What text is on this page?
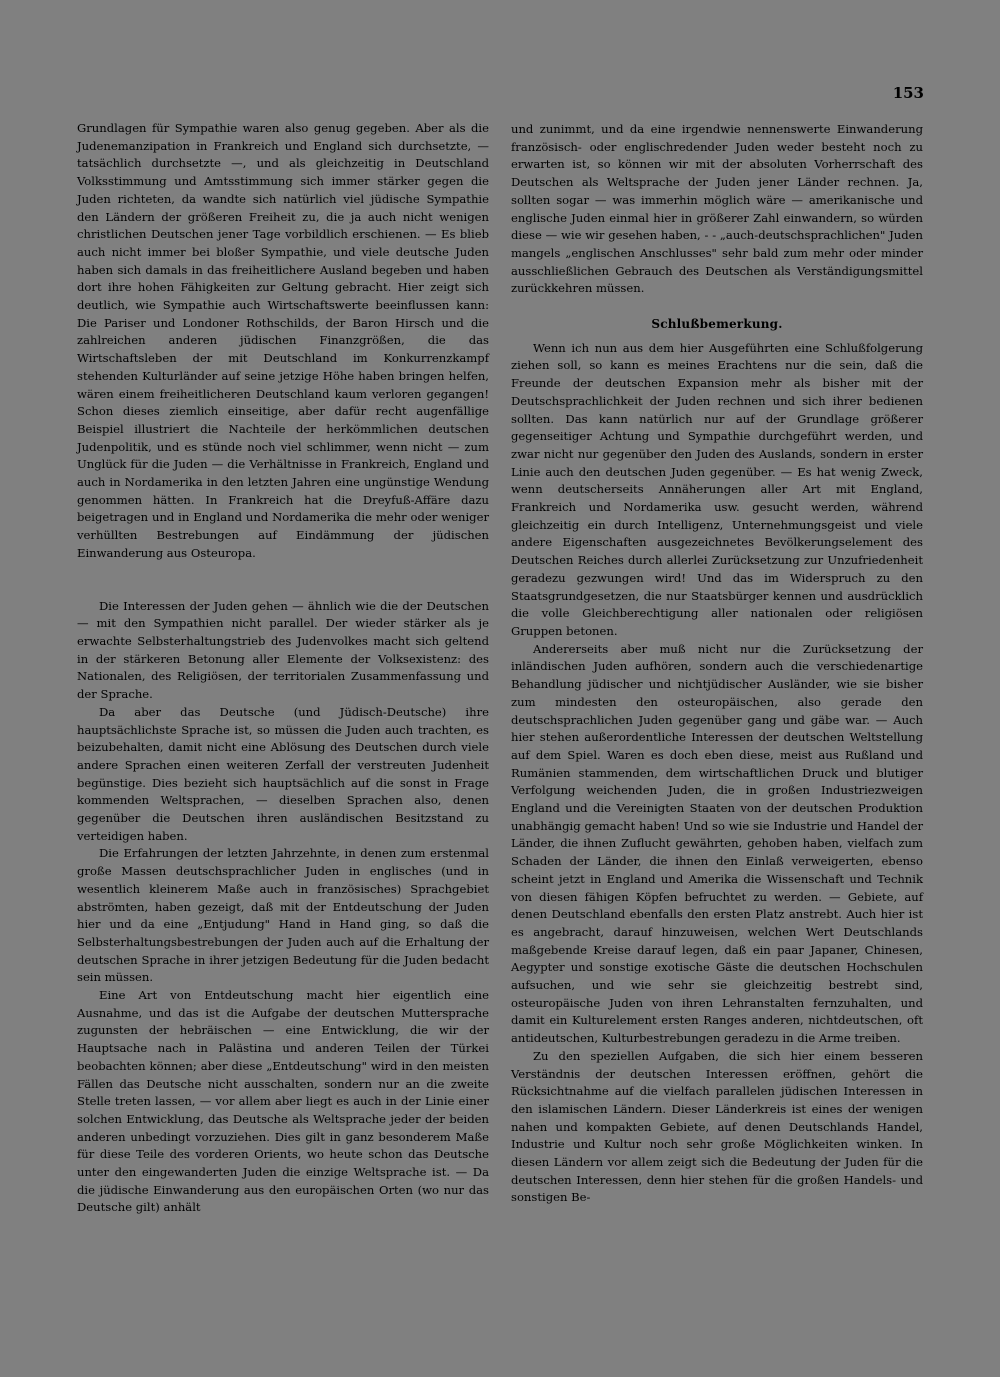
153

Grundlagen für Sympathie waren also genug gegeben. Aber als die Judenemanzipation in Frankreich und England sich durchsetzte, — tatsächlich durchsetzte —, und als gleichzeitig in Deutschland Volksstimmung und Amtsstimmung sich immer stärker gegen die Juden richteten, da wandte sich natürlich viel jüdische Sympathie den Ländern der größeren Freiheit zu, die ja auch nicht wenigen christlichen Deutschen jener Tage vorbildlich erschienen. — Es blieb auch nicht immer bei bloßer Sympathie, und viele deutsche Juden haben sich damals in das freiheitlichere Ausland begeben und haben dort ihre hohen Fähigkeiten zur Geltung gebracht. Hier zeigt sich deutlich, wie Sympathie auch Wirtschaftswerte beeinflussen kann: Die Pariser und Londoner Rothschilds, der Baron Hirsch und die zahlreichen anderen jüdischen Finanzgrößen, die das Wirtschaftsleben der mit Deutschland im Konkurrenzkampf stehenden Kulturländer auf seine jetzige Höhe haben bringen helfen, wären einem freiheitlicheren Deutschland kaum verloren gegangen! Schon dieses ziemlich einseitige, aber dafür recht augenfällige Beispiel illustriert die Nachteile der herkömmlichen deutschen Judenpolitik, und es stünde noch viel schlimmer, wenn nicht — zum Unglück für die Juden — die Verhältnisse in Frankreich, England und auch in Nordamerika in den letzten Jahren eine ungünstige Wendung genommen hätten. In Frankreich hat die Dreyfuß-Affäre dazu beigetragen und in England und Nordamerika die mehr oder weniger verhüllten Bestrebungen auf Eindämmung der jüdischen Einwanderung aus Osteuropa.

Die Interessen der Juden gehen — ähnlich wie die der Deutschen — mit den Sympathien nicht parallel. Der wieder stärker als je erwachte Selbsterhaltungstrieb des Judenvolkes macht sich geltend in der stärkeren Betonung aller Elemente der Volksexistenz: des Nationalen, des Religiösen, der territorialen Zusammenfassung und der Sprache.

Da aber das Deutsche (und Jüdisch-Deutsche) ihre hauptsächlichste Sprache ist, so müssen die Juden auch trachten, es beizubehalten, damit nicht eine Ablösung des Deutschen durch viele andere Sprachen einen weiteren Zerfall der verstreuten Judenheit begünstige. Dies bezieht sich hauptsächlich auf die sonst in Frage kommenden Weltsprachen, — dieselben Sprachen also, denen gegenüber die Deutschen ihren ausländischen Besitzstand zu verteidigen haben.

Die Erfahrungen der letzten Jahrzehnte, in denen zum erstenmal große Massen deutschsprachlicher Juden in englisches (und in wesentlich kleinerem Maße auch in französisches) Sprachgebiet abströmten, haben gezeigt, daß mit der Entdeutschung der Juden hier und da eine „Entjudung" Hand in Hand ging, so daß die Selbsterhaltungsbestrebungen der Juden auch auf die Erhaltung der deutschen Sprache in ihrer jetzigen Bedeutung für die Juden bedacht sein müssen.

Eine Art von Entdeutschung macht hier eigentlich eine Ausnahme, und das ist die Aufgabe der deutschen Muttersprache zugunsten der hebräischen — eine Entwicklung, die wir der Hauptsache nach in Palästina und anderen Teilen der Türkei beobachten können; aber diese „Entdeutschung" wird in den meisten Fällen das Deutsche nicht ausschalten, sondern nur an die zweite Stelle treten lassen, — vor allem aber liegt es auch in der Linie einer solchen Entwicklung, das Deutsche als Weltsprache jeder der beiden anderen unbedingt vorzuziehen. Dies gilt in ganz besonderem Maße für diese Teile des vorderen Orients, wo heute schon das Deutsche unter den eingewanderten Juden die einzige Weltsprache ist. — Da die jüdische Einwanderung aus den europäischen Orten (wo nur das Deutsche gilt) anhält

und zunimmt, und da eine irgendwie nennenswerte Einwanderung französisch- oder englischredender Juden weder besteht noch zu erwarten ist, so können wir mit der absoluten Vorherrschaft des Deutschen als Weltsprache der Juden jener Länder rechnen. Ja, sollten sogar — was immerhin möglich wäre — amerikanische und englische Juden einmal hier in größerer Zahl einwandern, so würden diese — wie wir gesehen haben, - - „auch-deutschsprachlichen" Juden mangels „englischen Anschlusses" sehr bald zum mehr oder minder ausschließlichen Gebrauch des Deutschen als Verständigungsmittel zurückkehren müssen.

Schlußbemerkung.

Wenn ich nun aus dem hier Ausgeführten eine Schlußfolgerung ziehen soll, so kann es meines Erachtens nur die sein, daß die Freunde der deutschen Expansion mehr als bisher mit der Deutschsprachlichkeit der Juden rechnen und sich ihrer bedienen sollten. Das kann natürlich nur auf der Grundlage größerer gegenseitiger Achtung und Sympathie durchgeführt werden, und zwar nicht nur gegenüber den Juden des Auslands, sondern in erster Linie auch den deutschen Juden gegenüber. — Es hat wenig Zweck, wenn deutscherseits Annäherungen aller Art mit England, Frankreich und Nordamerika usw. gesucht werden, während gleichzeitig ein durch Intelligenz, Unternehmungsgeist und viele andere Eigenschaften ausgezeichnetes Bevölkerungselement des Deutschen Reiches durch allerlei Zurücksetzung zur Unzufriedenheit geradezu gezwungen wird! Und das im Widerspruch zu den Staatsgrundgesetzen, die nur Staatsbürger kennen und ausdrücklich die volle Gleichberechtigung aller nationalen oder religiösen Gruppen betonen.

Andererseits aber muß nicht nur die Zurücksetzung der inländischen Juden aufhören, sondern auch die verschiedenartige Behandlung jüdischer und nichtjüdischer Ausländer, wie sie bisher zum mindesten den osteuropäischen, also gerade den deutschsprachlichen Juden gegenüber gang und gäbe war. — Auch hier stehen außerordentliche Interessen der deutschen Weltstellung auf dem Spiel. Waren es doch eben diese, meist aus Rußland und Rumänien stammenden, dem wirtschaftlichen Druck und blutiger Verfolgung weichenden Juden, die in großen Industriezweigen England und die Vereinigten Staaten von der deutschen Produktion unabhängig gemacht haben! Und so wie sie Industrie und Handel der Länder, die ihnen Zuflucht gewährten, gehoben haben, vielfach zum Schaden der Länder, die ihnen den Einlaß verweigerten, ebenso scheint jetzt in England und Amerika die Wissenschaft und Technik von diesen fähigen Köpfen befruchtet zu werden. — Gebiete, auf denen Deutschland ebenfalls den ersten Platz anstrebt. Auch hier ist es angebracht, darauf hinzuweisen, welchen Wert Deutschlands maßgebende Kreise darauf legen, daß ein paar Japaner, Chinesen, Aegypter und sonstige exotische Gäste die deutschen Hochschulen aufsuchen, und wie sehr sie gleichzeitig bestrebt sind, osteuropäische Juden von ihren Lehranstalten fernzuhalten, und damit ein Kulturelement ersten Ranges anderen, nichtdeutschen, oft antideutschen, Kulturbestrebungen geradezu in die Arme treiben.

Zu den speziellen Aufgaben, die sich hier einem besseren Verständnis der deutschen Interessen eröffnen, gehört die Rücksichtnahme auf die vielfach parallelen jüdischen Interessen in den islamischen Ländern. Dieser Länderkreis ist eines der wenigen nahen und kompakten Gebiete, auf denen Deutschlands Handel, Industrie und Kultur noch sehr große Möglichkeiten winken. In diesen Ländern vor allem zeigt sich die Bedeutung der Juden für die deutschen Interessen, denn hier stehen für die großen Handels- und sonstigen Be-
